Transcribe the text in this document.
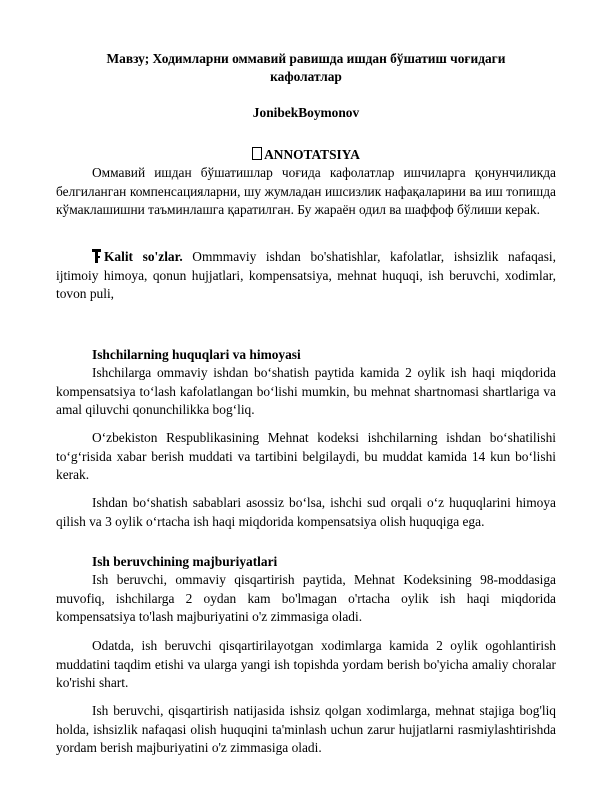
Мавзу; Ходимларни оммавий равишда ишдан бўшатиш чоғидаги
кафолатлар
JonibekBoymonov
ANNOTATSIYA
Оммавий ишдан бўшатишлар чоғида кафолатлар ишчиларга қонунчиликда белгиланган компенсацияларни, шу жумладан ишсизлик нафақаларини ва иш топишда кўмаклашишни таъминлашга қаратилган. Бу жараён одил ва шаффоф бўлиши кераk.
Kalit so'zlar. Ommmaviy ishdan bo'shatishlar, kafolatlar, ishsizlik nafaqasi, ijtimoiy himoya, qonun hujjatlari, kompensatsiya, mehnat huquqi, ish beruvchi, xodimlar, tovon puli,
Ishchilarning huquqlari va himoyasi
Ishchilarga ommaviy ishdan bo‘shatish paytida kamida 2 oylik ish haqi miqdorida kompensatsiya to‘lash kafolatlangan bo‘lishi mumkin, bu mehnat shartnomasi shartlariga va amal qiluvchi qonunchilikka bog‘liq.
O‘zbekiston Respublikasining Mehnat kodeksi ishchilarning ishdan bo‘shatilishi to‘g‘risida xabar berish muddati va tartibini belgilaydi, bu muddat kamida 14 kun bo‘lishi kerak.
Ishdan bo‘shatish sabablari asossiz bo‘lsa, ishchi sud orqali o‘z huquqlarini himoya qilish va 3 oylik o‘rtacha ish haqi miqdorida kompensatsiya olish huquqiga ega.
Ish beruvchining majburiyatlari
Ish beruvchi, ommaviy qisqartirish paytida, Mehnat Kodeksining 98-moddasiga muvofiq, ishchilarga 2 oydan kam bo'lmagan o'rtacha oylik ish haqi miqdorida kompensatsiya to'lash majburiyatini o'z zimmasiga oladi.
Odatda, ish beruvchi qisqartirilayotgan xodimlarga kamida 2 oylik ogohlantirish muddatini taqdim etishi va ularga yangi ish topishda yordam berish bo'yicha amaliy choralar ko'rishi shart.
Ish beruvchi, qisqartirish natijasida ishsiz qolgan xodimlarga, mehnat stajiga bog'liq holda, ishsizlik nafaqasi olish huquqini ta'minlash uchun zarur hujjatlarni rasmiylashtirishda yordam berish majburiyatini o'z zimmasiga oladi.
